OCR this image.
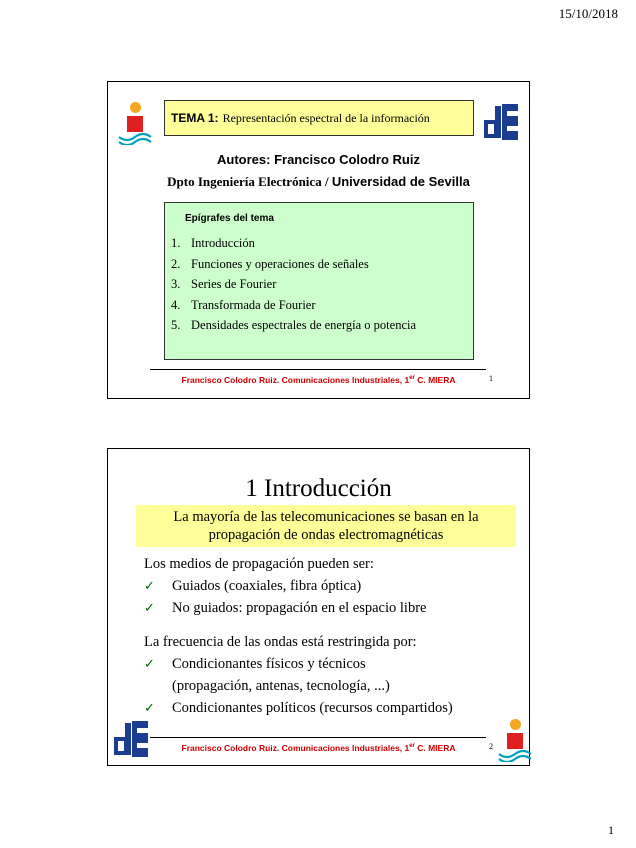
15/10/2018
TEMA 1: Representación espectral de la información
Autores: Francisco Colodro Ruiz
Dpto Ingeniería Electrónica / Universidad de Sevilla
Epígrafes del tema
1. Introducción
2. Funciones y operaciones de señales
3. Series de Fourier
4. Transformada de Fourier
5. Densidades espectrales de energía o potencia
Francisco Colodro Ruiz. Comunicaciones Industriales, 1er C. MIERA	1
1 Introducción
La mayoría de las telecomunicaciones se basan en la
propagación de ondas electromagnéticas
Los medios de propagación pueden ser:
✓ Guiados (coaxiales, fibra óptica)
✓ No guiados: propagación en el espacio libre
La frecuencia de las ondas está restringida por:
✓ Condicionantes físicos y técnicos
(propagación, antenas, tecnología, ...)
✓ Condicionantes políticos (recursos compartidos)
Francisco Colodro Ruiz. Comunicaciones Industriales, 1er C. MIERA	2
1
